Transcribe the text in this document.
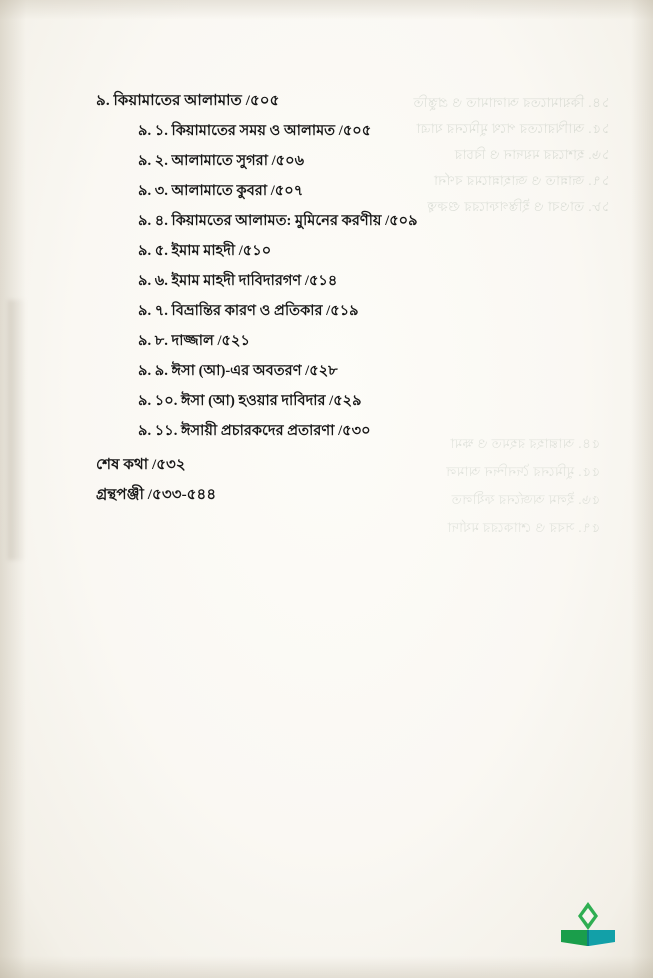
১৪. কিয়ামাতের আলামাত ও প্রস্তুতি
১৫. আখিরাতের পথে মুমিনের যাত্রা
১৬. হাশরের ময়দান ও বিচার
১৭. জান্নাত ও জাহান্নামের বর্ণনা
১৮. তাওবা ও ইস্তিগফারের গুরুত্ব
৫৪. আল্লাহর রহমত ও ক্ষমা
৫৫. মুমিনের দৈনন্দিন আমল
৫৬. ইলম অর্জনের ফযীলত
৫৭. সবর ও শোকরের মর্যাদা
৯. কিয়ামাতের আলামাত /৫০৫
৯. ১. কিয়ামাতের সময় ও আলামত /৫০৫
৯. ২. আলামাতে সুগরা /৫০৬
৯. ৩. আলামাতে কুবরা /৫০৭
৯. ৪. কিয়ামতের আলামত: মুমিনের করণীয় /৫০৯
৯. ৫. ইমাম মাহদী /৫১০
৯. ৬. ইমাম মাহদী দাবিদারগণ /৫১৪
৯. ৭. বিভ্রান্তির কারণ ও প্রতিকার /৫১৯
৯. ৮. দাজ্জাল /৫২১
৯. ৯. ঈসা (আ)-এর অবতরণ /৫২৮
৯. ১০. ঈসা (আ) হওয়ার দাবিদার /৫২৯
৯. ১১. ঈসায়ী প্রচারকদের প্রতারণা /৫৩০
শেষ কথা /৫৩২
গ্রন্থপঞ্জী /৫৩৩-৫৪৪
